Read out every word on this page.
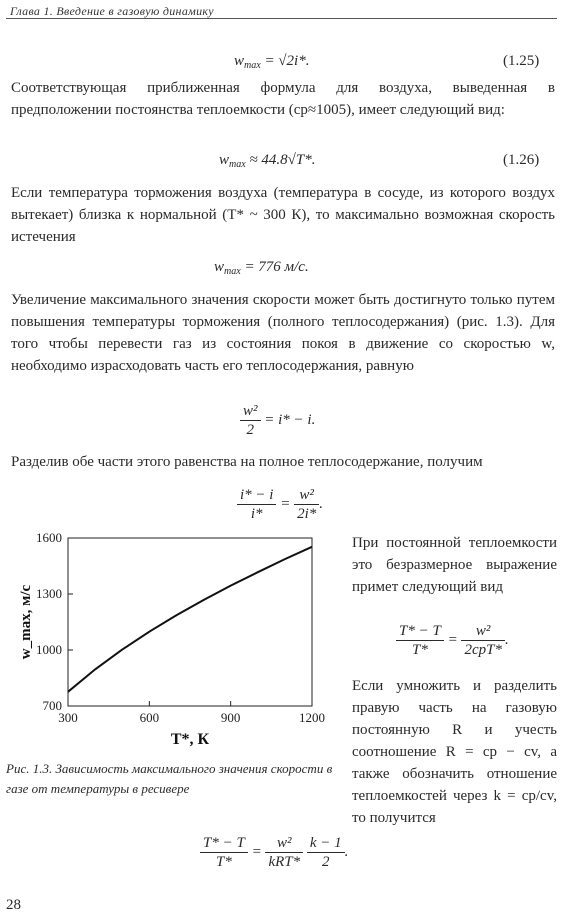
Глава 1. Введение в газовую динамику
$w_{max} = √2i*$.	(1.25)

Соответствующая приближенная формула для воздуха, выведенная в предположении постоянства теплоемкости (cp≈1005), имеет следующий вид:

$w_{max} \approx 44.8√T*$.	(1.26)

Если температура торможения воздуха (температура в сосуде, из которого воздух вытекает) близка к нормальной (T* ~ 300 К), то максимально возможная скорость истечения

$w_{max} = 776$ м/с.

Увеличение максимального значения скорости может быть достигнуто только путем повышения температуры торможения (полного теплосодержания) (рис. 1.3). Для того чтобы перевести газ из состояния покоя в движение со скоростью w, необходимо израсходовать часть его теплосодержания, равную

$\frac{\text{w²}}{2} = i* - i$.

Разделив обе части этого равенства на полное теплосодержание, получим

$\frac{i* - i}{i*} = \frac{\text{w²}}{2i*}$ .
300	600	900	1200
700
1000
1300
1600
T*, К
w_max, м/с
Рис. 1.3. Зависимость максимального значения скорости в газе от температуры в ресивере

При постоянной теплоемкости это безразмерное выражение примет следующий вид

$\frac{T* - T}{T*} = \frac{\text{w²}}{\text{2cpT*}}$ .

Если умножить и разделить правую часть на газовую постоянную R и учесть соотношение R = cp − cv, а также обозначить отношение теплоемкостей через k = cp/cv, то получится

$\frac{T* - T}{T*} = \frac{\text{w²}}{\text{kRT*}}$
$\frac{k - 1}{2}$ .
28
